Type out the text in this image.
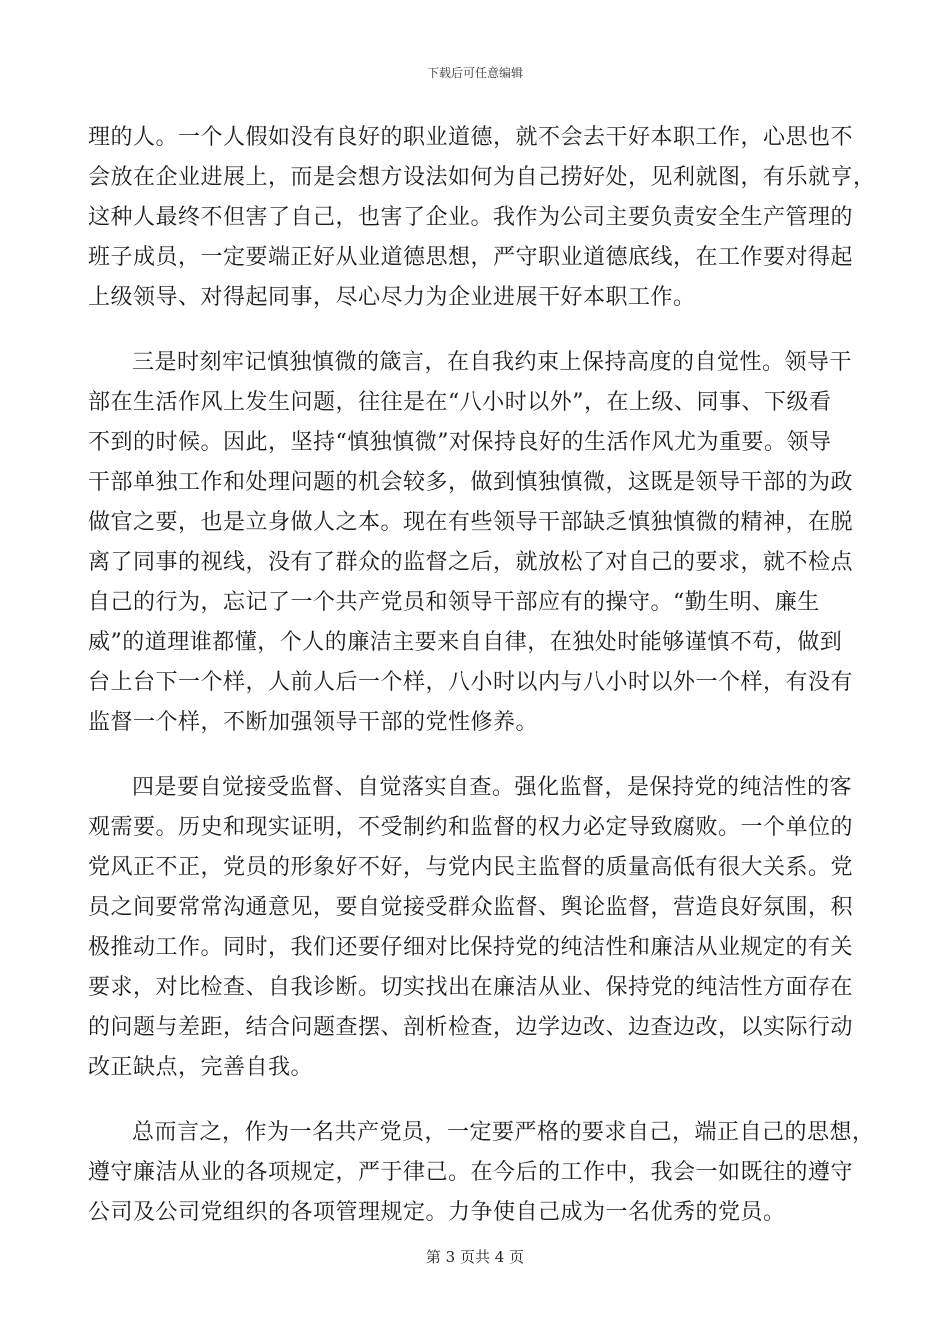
下载后可任意编辑
理的人。一个人假如没有良好的职业道德，就不会去干好本职工作，心思也不
会放在企业进展上，而是会想方设法如何为自己捞好处，见利就图，有乐就亨，
这种人最终不但害了自己，也害了企业。我作为公司主要负责安全生产管理的
班子成员，一定要端正好从业道德思想，严守职业道德底线，在工作要对得起
上级领导、对得起同事，尽心尽力为企业进展干好本职工作。
三是时刻牢记慎独慎微的箴言，在自我约束上保持高度的自觉性。领导干
部在生活作风上发生问题，往往是在“八小时以外”，在上级、同事、下级看
不到的时候。因此，坚持“慎独慎微”对保持良好的生活作风尤为重要。领导
干部单独工作和处理问题的机会较多，做到慎独慎微，这既是领导干部的为政
做官之要，也是立身做人之本。现在有些领导干部缺乏慎独慎微的精神，在脱
离了同事的视线，没有了群众的监督之后，就放松了对自己的要求，就不检点
自己的行为，忘记了一个共产党员和领导干部应有的操守。“勤生明、廉生
威”的道理谁都懂，个人的廉洁主要来自自律，在独处时能够谨慎不苟，做到
台上台下一个样，人前人后一个样，八小时以内与八小时以外一个样，有没有
监督一个样，不断加强领导干部的党性修养。
四是要自觉接受监督、自觉落实自查。强化监督，是保持党的纯洁性的客
观需要。历史和现实证明，不受制约和监督的权力必定导致腐败。一个单位的
党风正不正，党员的形象好不好，与党内民主监督的质量高低有很大关系。党
员之间要常常沟通意见，要自觉接受群众监督、舆论监督，营造良好氛围，积
极推动工作。同时，我们还要仔细对比保持党的纯洁性和廉洁从业规定的有关
要求，对比检查、自我诊断。切实找出在廉洁从业、保持党的纯洁性方面存在
的问题与差距，结合问题查摆、剖析检查，边学边改、边查边改，以实际行动
改正缺点，完善自我。
总而言之，作为一名共产党员，一定要严格的要求自己，端正自己的思想，
遵守廉洁从业的各项规定，严于律己。在今后的工作中，我会一如既往的遵守
公司及公司党组织的各项管理规定。力争使自己成为一名优秀的党员。
第 3 页共 4 页
